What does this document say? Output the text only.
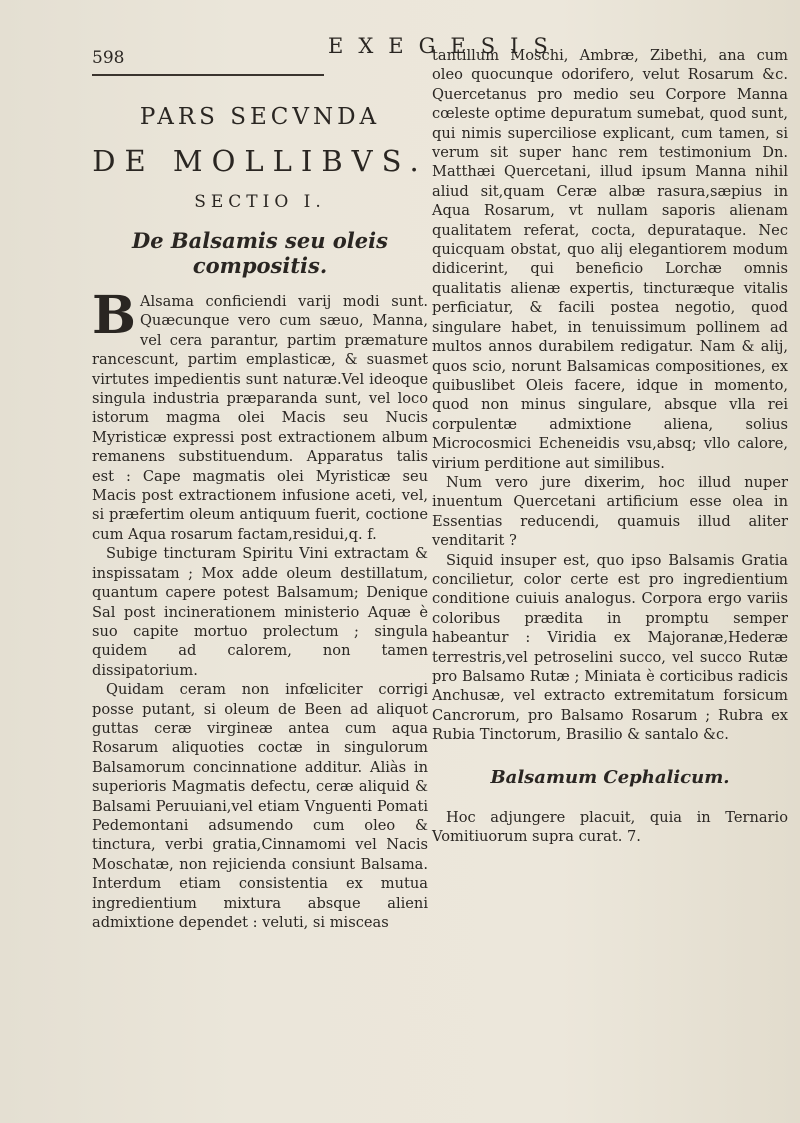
598	EXEGESIS
PARS SECVNDA
DE MOLLIBVS.
SECTIO I.
De Balsamis seu oleis compositis.

B Alsama conficiendi varij modi sunt. Quæcunque vero cum sæuo, Manna, vel cera parantur, partim præmature rancescunt, partim emplasticæ, & suasmet virtutes impedientis sunt naturæ.Vel ideoque singula industria præparanda sunt, vel loco istorum magma olei Macis seu Nucis Myristicæ expressi post extractionem album remanens substituendum. Apparatus talis est : Cape magmatis olei Myristicæ seu Macis post extractionem infusione aceti, vel, si præfertim oleum antiquum fuerit, coctione cum Aqua rosarum factam,residui,q. f.

Subige tincturam Spiritu Vini extractam & inspissatam ; Mox adde oleum destillatum, quantum capere potest Balsamum; Denique Sal post incinerationem ministerio Aquæ è suo capite mortuo prolectum ; singula quidem ad calorem, non tamen dissipatorium.

Quidam ceram non infœliciter corrigi posse putant, si oleum de Been ad aliquot guttas ceræ virgineæ antea cum aqua Rosarum aliquoties coctæ in singulorum Balsamorum concinnatione additur. Aliàs in superioris Magmatis defectu, ceræ aliquid & Balsami Peruuiani,vel etiam Vnguenti Pomati Pedemontani adsumendo cum oleo & tinctura, verbi gratia,Cinnamomi vel Nacis Moschatæ, non rejicienda consiunt Balsama. Interdum etiam consistentia ex mutua ingredientium mixtura absque alieni admixtione dependet : veluti, si misceas

tantillum Moschi, Ambræ, Zibethi, ana cum oleo quocunque odorifero, velut Rosarum &c. Quercetanus pro medio seu Corpore Manna cœleste optime depuratum sumebat, quod sunt, qui nimis superciliose explicant, cum tamen, si verum sit super hanc rem testimonium Dn. Matthæi Quercetani, illud ipsum Manna nihil aliud sit,quam Ceræ albæ rasura,sæpius in Aqua Rosarum, vt nullam saporis alienam qualitatem referat, cocta, depurataque. Nec quicquam obstat, quo alij elegantiorem modum didicerint, qui beneficio Lorchæ omnis qualitatis alienæ expertis, tincturæque vitalis perficiatur, & facili postea negotio, quod singulare habet, in tenuissimum pollinem ad multos annos durabilem redigatur. Nam & alij, quos scio, norunt Balsamicas compositiones, ex quibuslibet Oleis facere, idque in momento, quod non minus singulare, absque vlla rei corpulentæ admixtione aliena, solius Microcosmici Echeneidis vsu,absq; vllo calore, virium perditione aut similibus.

Num vero jure dixerim, hoc illud nuper inuentum Quercetani artificium esse olea in Essentias reducendi, quamuis illud aliter venditarit ?

Siquid insuper est, quo ipso Balsamis Gratia concilietur, color certe est pro ingredientium conditione cuiuis analogus. Corpora ergo variis coloribus prædita in promptu semper habeantur : Viridia ex Majoranæ,Hederæ terrestris,vel petroselini succo, vel succo Rutæ pro Balsamo Rutæ ; Miniata è corticibus radicis Anchusæ, vel extracto extremitatum forsicum Cancrorum, pro Balsamo Rosarum ; Rubra ex Rubia Tinctorum, Brasilio & santalo &c.

Balsamum Cephalicum.

Hoc adjungere placuit, quia in Ternario Vomitiuorum supra curat. 7.
